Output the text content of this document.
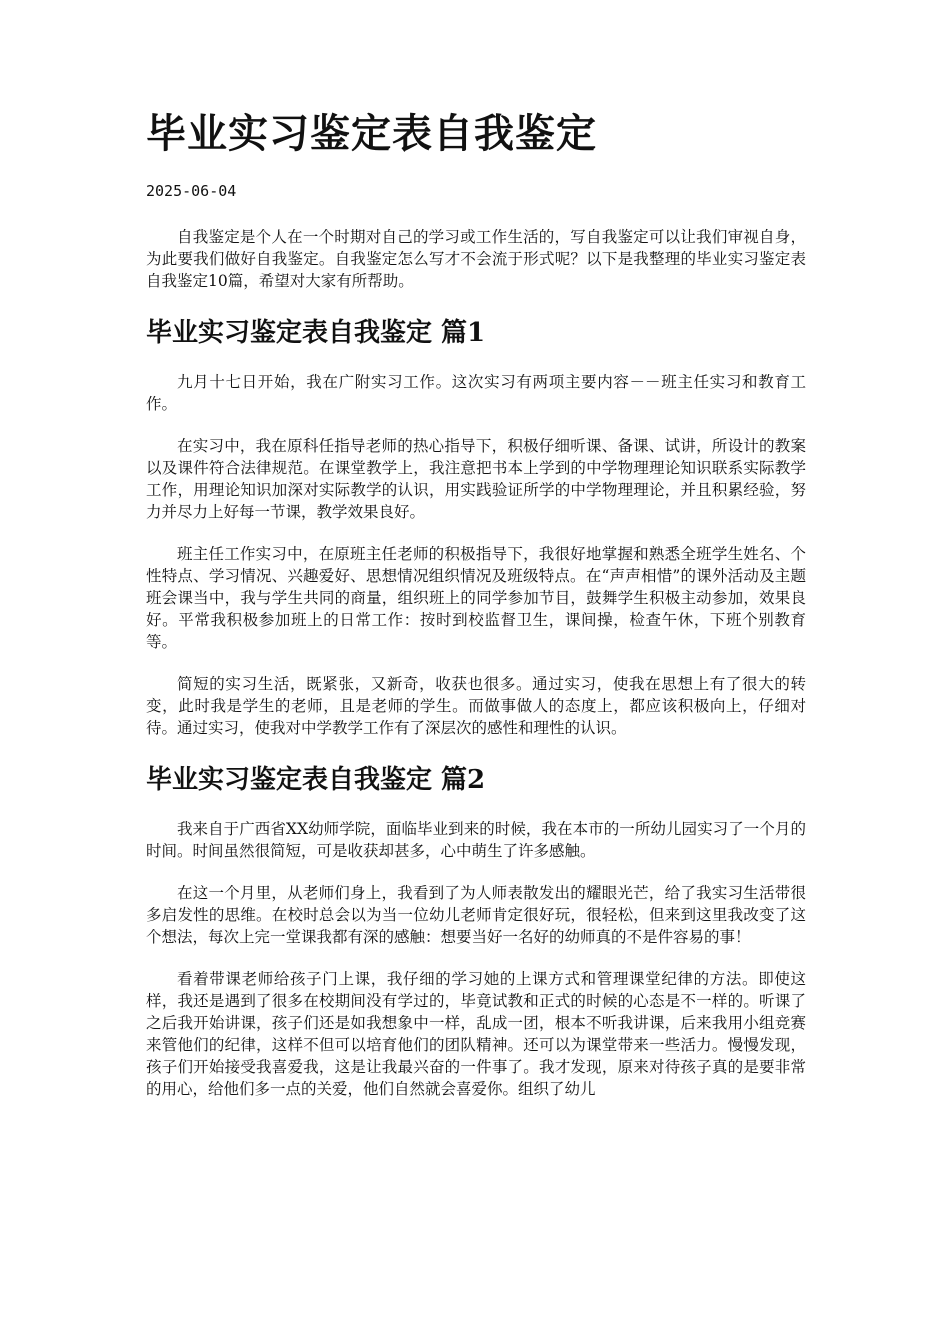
毕业实习鉴定表自我鉴定
2025-06-04

自我鉴定是个人在一个时期对自己的学习或工作生活的，写自我鉴定可以让我们审视自身，为此要我们做好自我鉴定。自我鉴定怎么写才不会流于形式呢？以下是我整理的毕业实习鉴定表自我鉴定10篇，希望对大家有所帮助。

毕业实习鉴定表自我鉴定 篇1

九月十七日开始，我在广附实习工作。这次实习有两项主要内容－－班主任实习和教育工作。

在实习中，我在原科任指导老师的热心指导下，积极仔细听课、备课、试讲，所设计的教案以及课件符合法律规范。在课堂教学上，我注意把书本上学到的中学物理理论知识联系实际教学工作，用理论知识加深对实际教学的认识，用实践验证所学的中学物理理论，并且积累经验，努力并尽力上好每一节课，教学效果良好。

班主任工作实习中，在原班主任老师的积极指导下，我很好地掌握和熟悉全班学生姓名、个性特点、学习情况、兴趣爱好、思想情况组织情况及班级特点。在“声声相惜”的课外活动及主题班会课当中，我与学生共同的商量，组织班上的同学参加节目，鼓舞学生积极主动参加，效果良好。平常我积极参加班上的日常工作：按时到校监督卫生，课间操，检查午休，下班个别教育等。

简短的实习生活，既紧张，又新奇，收获也很多。通过实习，使我在思想上有了很大的转变，此时我是学生的老师，且是老师的学生。而做事做人的态度上，都应该积极向上，仔细对待。通过实习，使我对中学教学工作有了深层次的感性和理性的认识。

毕业实习鉴定表自我鉴定 篇2

我来自于广西省XX幼师学院，面临毕业到来的时候，我在本市的一所幼儿园实习了一个月的时间。时间虽然很简短，可是收获却甚多，心中萌生了许多感触。

在这一个月里，从老师们身上，我看到了为人师表散发出的耀眼光芒，给了我实习生活带很多启发性的思维。在校时总会以为当一位幼儿老师肯定很好玩，很轻松，但来到这里我改变了这个想法，每次上完一堂课我都有深的感触：想要当好一名好的幼师真的不是件容易的事！

看着带课老师给孩子门上课，我仔细的学习她的上课方式和管理课堂纪律的方法。即使这样，我还是遇到了很多在校期间没有学过的，毕竟试教和正式的时候的心态是不一样的。听课了之后我开始讲课，孩子们还是如我想象中一样，乱成一团，根本不听我讲课，后来我用小组竞赛来管他们的纪律，这样不但可以培育他们的团队精神。还可以为课堂带来一些活力。慢慢发现，孩子们开始接受我喜爱我，这是让我最兴奋的一件事了。我才发现，原来对待孩子真的是要非常的用心，给他们多一点的关爱，他们自然就会喜爱你。组织了幼儿
